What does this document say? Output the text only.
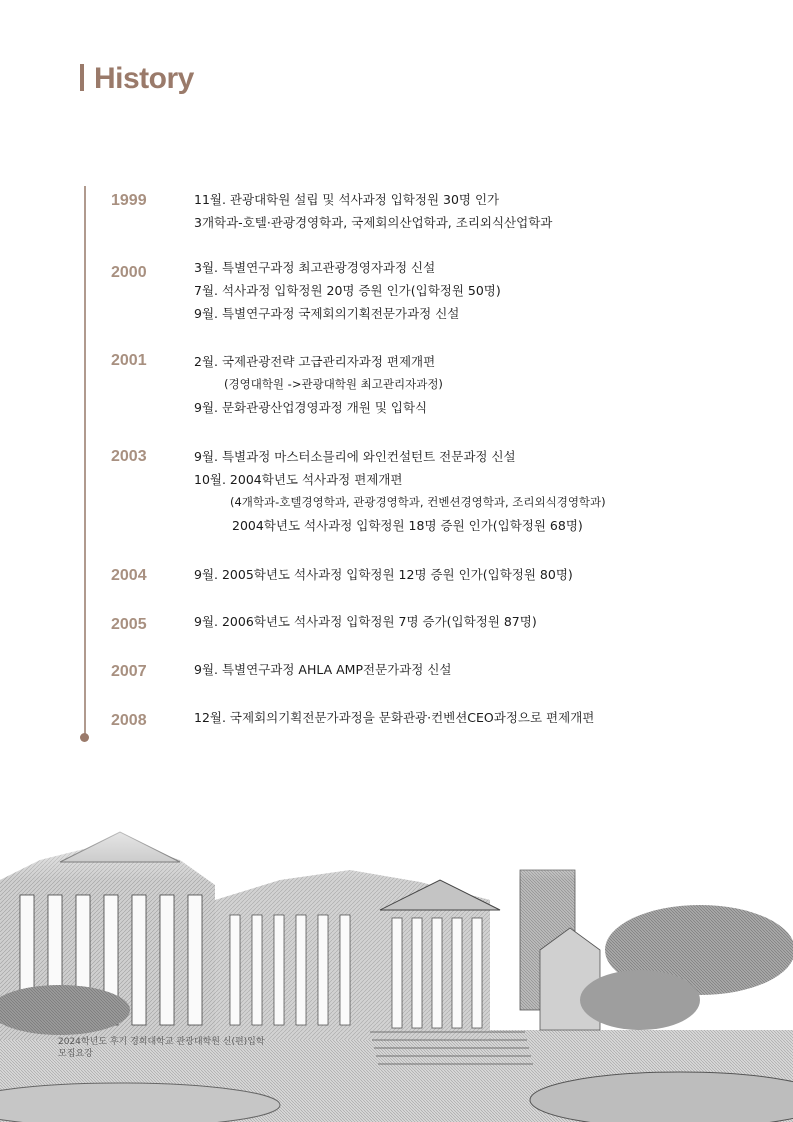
History
1999	11월. 관광대학원 설립 및 석사과정 입학정원 30명 인가
3개학과-호텔·관광경영학과, 국제회의산업학과, 조리외식산업학과
2000	3월. 특별연구과정 최고관광경영자과정 신설
7월. 석사과정 입학정원 20명 증원 인가(입학정원 50명)
9월. 특별연구과정 국제회의기획전문가과정 신설
2001	2월. 국제관광전략 고급관리자과정 편제개편
(경영대학원 ->관광대학원 최고관리자과정)
9월. 문화관광산업경영과정 개원 및 입학식
2003	9월. 특별과정 마스터소믈리에 와인컨설턴트 전문과정 신설
10월. 2004학년도 석사과정 편제개편
(4개학과-호텔경영학과, 관광경영학과, 컨벤션경영학과, 조리외식경영학과)
2004학년도 석사과정 입학정원 18명 증원 인가(입학정원 68명)
2004	9월. 2005학년도 석사과정 입학정원 12명 증원 인가(입학정원 80명)
2005	9월. 2006학년도 석사과정 입학정원 7명 증가(입학정원 87명)
2007	9월. 특별연구과정 AHLA AMP전문가과정 신설
2008	12월. 국제회의기획전문가과정을 문화관광·컨벤션CEO과정으로 편제개편
2024학년도 후기 경희대학교 관광대학원 신(편)입학
모집요강
